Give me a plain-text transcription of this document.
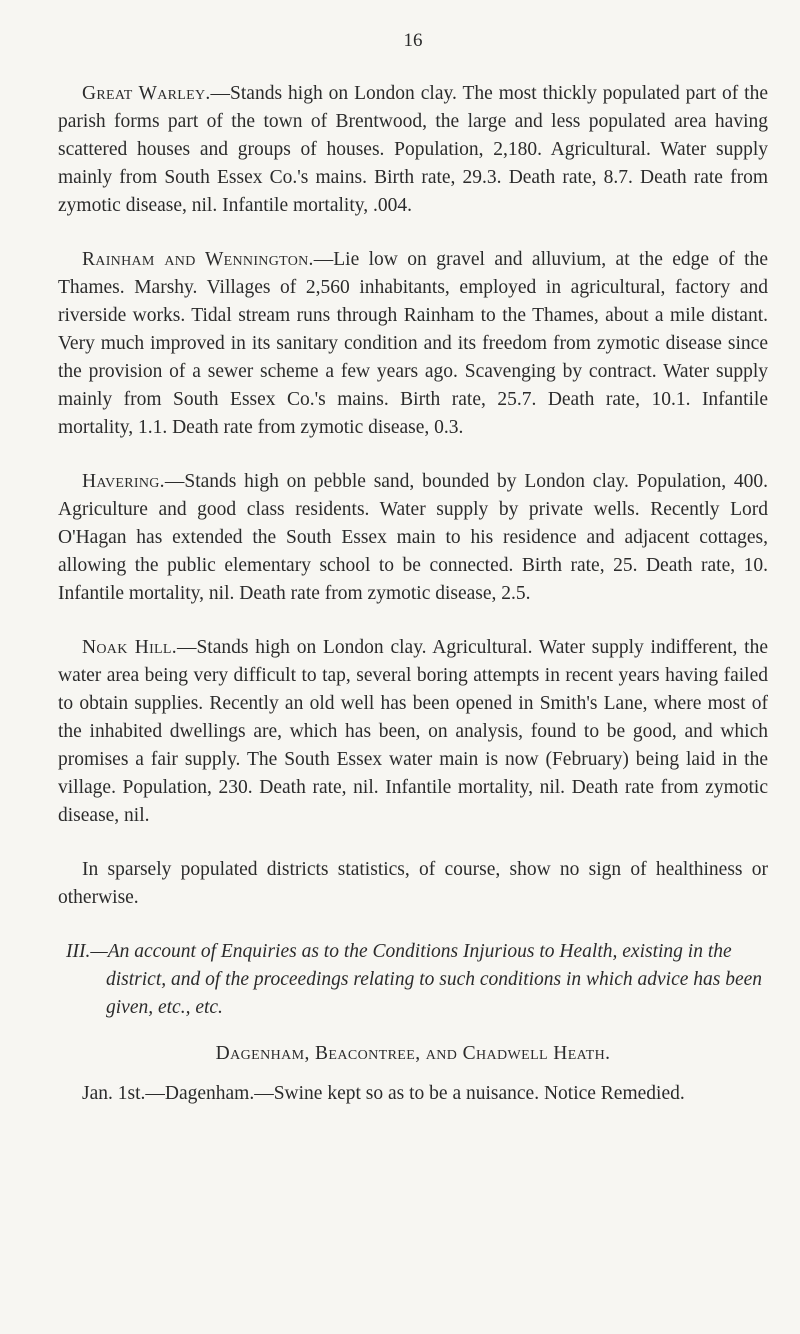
16

Great Warley.—Stands high on London clay. The most thickly populated part of the parish forms part of the town of Brentwood, the large and less populated area having scattered houses and groups of houses. Population, 2,180. Agricultural. Water supply mainly from South Essex Co.'s mains. Birth rate, 29.3. Death rate, 8.7. Death rate from zymotic disease, nil. Infantile mortality, .004.

Rainham and Wennington.—Lie low on gravel and alluvium, at the edge of the Thames. Marshy. Villages of 2,560 inhabitants, employed in agricultural, factory and riverside works. Tidal stream runs through Rainham to the Thames, about a mile distant. Very much improved in its sanitary condition and its freedom from zymotic disease since the provision of a sewer scheme a few years ago. Scavenging by contract. Water supply mainly from South Essex Co.'s mains. Birth rate, 25.7. Death rate, 10.1. Infantile mortality, 1.1. Death rate from zymotic disease, 0.3.

Havering.—Stands high on pebble sand, bounded by London clay. Population, 400. Agriculture and good class residents. Water supply by private wells. Recently Lord O'Hagan has extended the South Essex main to his residence and adjacent cottages, allowing the public elementary school to be connected. Birth rate, 25. Death rate, 10. Infantile mortality, nil. Death rate from zymotic disease, 2.5.

Noak Hill.—Stands high on London clay. Agricultural. Water supply indifferent, the water area being very difficult to tap, several boring attempts in recent years having failed to obtain supplies. Recently an old well has been opened in Smith's Lane, where most of the inhabited dwellings are, which has been, on analysis, found to be good, and which promises a fair supply. The South Essex water main is now (February) being laid in the village. Population, 230. Death rate, nil. Infantile mortality, nil. Death rate from zymotic disease, nil.

In sparsely populated districts statistics, of course, show no sign of healthiness or otherwise.

III.—An account of Enquiries as to the Conditions Injurious to Health, existing in the district, and of the proceedings relating to such conditions in which advice has been given, etc., etc.

Dagenham, Beacontree, and Chadwell Heath.

Jan. 1st.—Dagenham.—Swine kept so as to be a nuisance. Notice Remedied.
